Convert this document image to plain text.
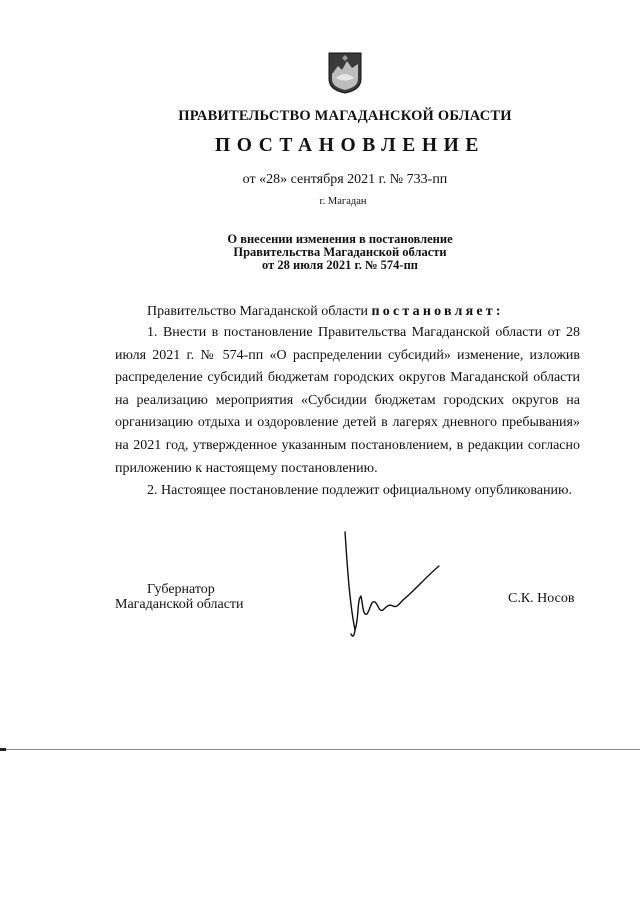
ПРАВИТЕЛЬСТВО МАГАДАНСКОЙ ОБЛАСТИ
ПОСТАНОВЛЕНИЕ
от «28» сентября 2021 г. № 733-пп
г. Магадан
О внесении изменения в постановление
Правительства Магаданской области
от 28 июля 2021 г. № 574-пп
Правительство Магаданской области постановляет:

1. Внести в постановление Правительства Магаданской области от 28 июля 2021 г. № 574-пп «О распределении субсидий» изменение, изложив распределение субсидий бюджетам городских округов Магаданской области на реализацию мероприятия «Субсидии бюджетам городских округов на организацию отдыха и оздоровление детей в лагерях дневного пребывания» на 2021 год, утвержденное указанным постановлением, в редакции согласно приложению к настоящему постановлению.

2. Настоящее постановление подлежит официальному опубликованию.

Губернатор
Магаданской области	С.К. Носов
